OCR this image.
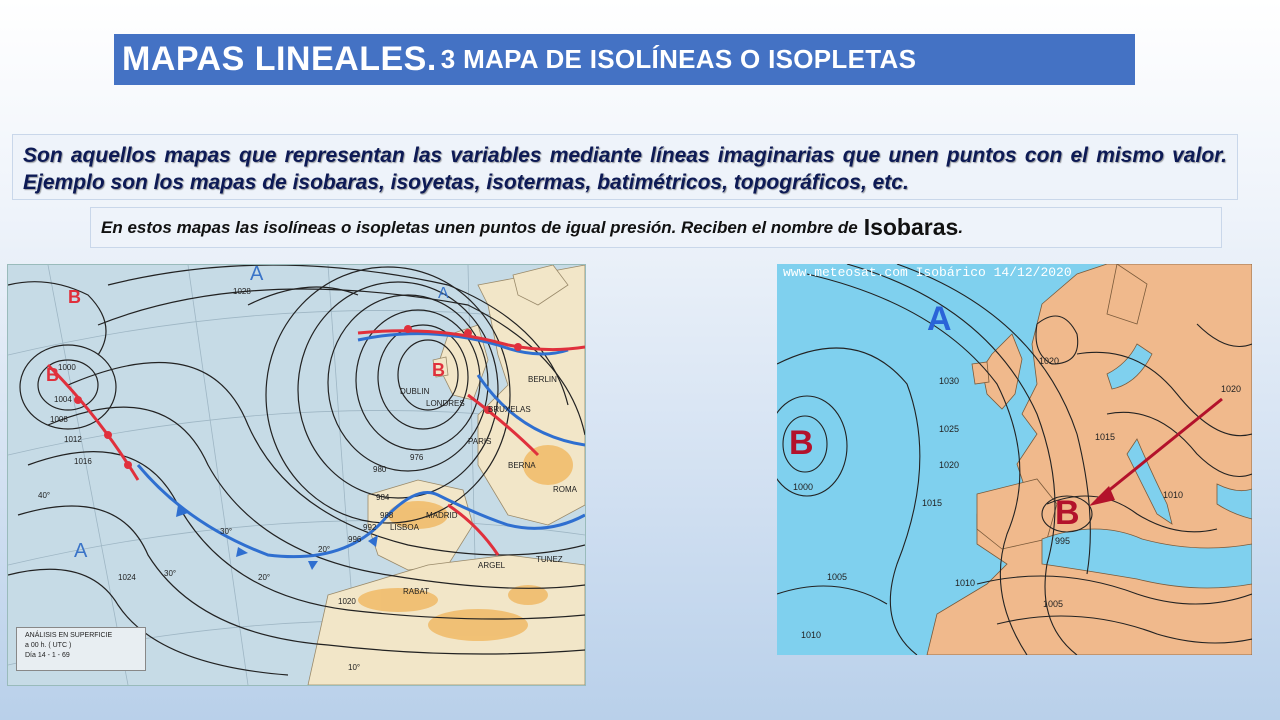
MAPAS LINEALES. 3 MAPA DE ISOLÍNEAS O ISOPLETAS
Son aquellos mapas que representan las variables mediante líneas imaginarias que unen puntos con el mismo valor. Ejemplo son los mapas de isobaras, isoyetas, isotermas, batimétricos, topográficos, etc.
En estos mapas las isolíneas o isopletas unen puntos de igual presión. Reciben el nombre de Isobaras .
A
B
B	B
A
A
1000
1004
1008
1012
1016
1020
1024
1028
976
980
984
988
992
996
DUBLIN
LONDRES
PARIS
BERLIN
BRUXELAS
BERNA
MADRID
LISBOA
ARGEL
TUNEZ
RABAT
ROMA
40°
30°	20°
30°
20°
10°
ANÁLISIS EN SUPERFICIE
a 00 h. ( UTC )
Día 14 - 1 - 69
www.meteosat.com Isobárico 14/12/2020
A
B
B
1030
1025
1020
1015
1010
1005
1000
995
1020
1020
1015
1010
1005
1010
